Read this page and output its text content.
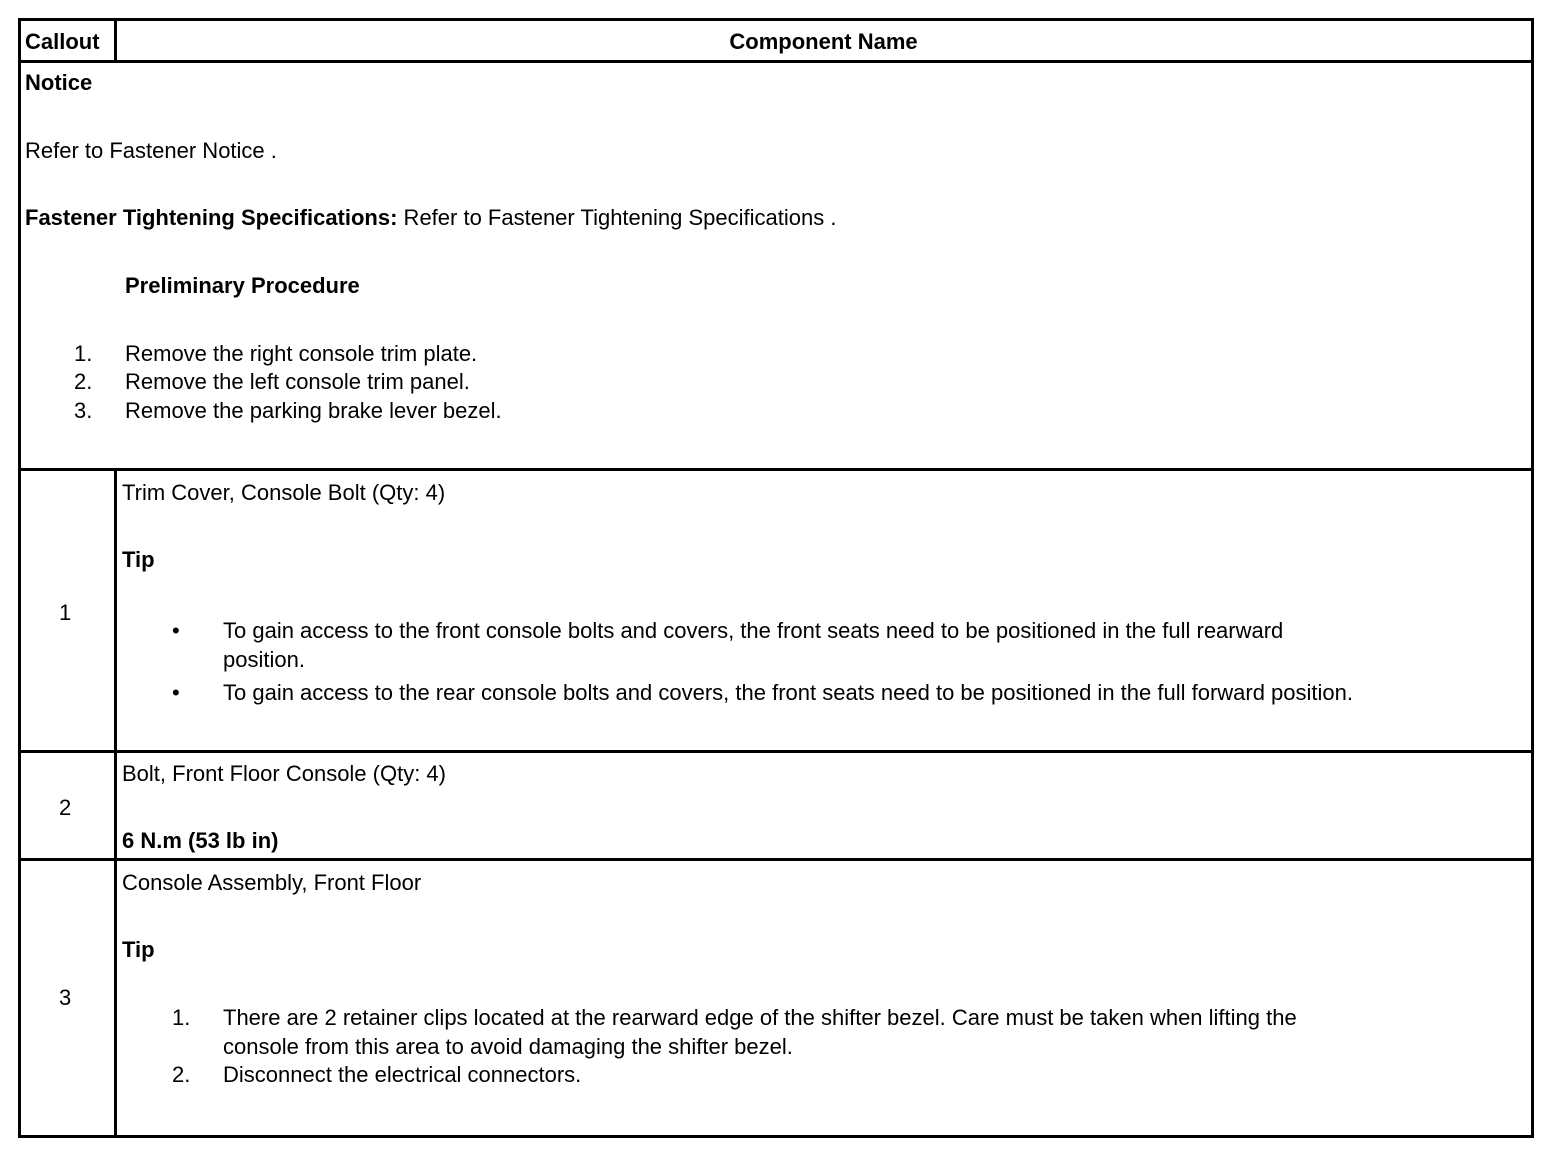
Callout	Component Name
Notice
Refer to Fastener Notice .
Fastener Tightening Specifications: Refer to Fastener Tightening Specifications .
Preliminary Procedure
1. Remove the right console trim plate.
2. Remove the left console trim panel.
3. Remove the parking brake lever bezel.
1
Trim Cover, Console Bolt (Qty: 4)
Tip
• To gain access to the front console bolts and covers, the front seats need to be positioned in the full rearward
position.
• To gain access to the rear console bolts and covers, the front seats need to be positioned in the full forward position.
2
Bolt, Front Floor Console (Qty: 4)
6 N.m (53 lb in)
3
Console Assembly, Front Floor
Tip
1. There are 2 retainer clips located at the rearward edge of the shifter bezel. Care must be taken when lifting the
console from this area to avoid damaging the shifter bezel.
2. Disconnect the electrical connectors.
